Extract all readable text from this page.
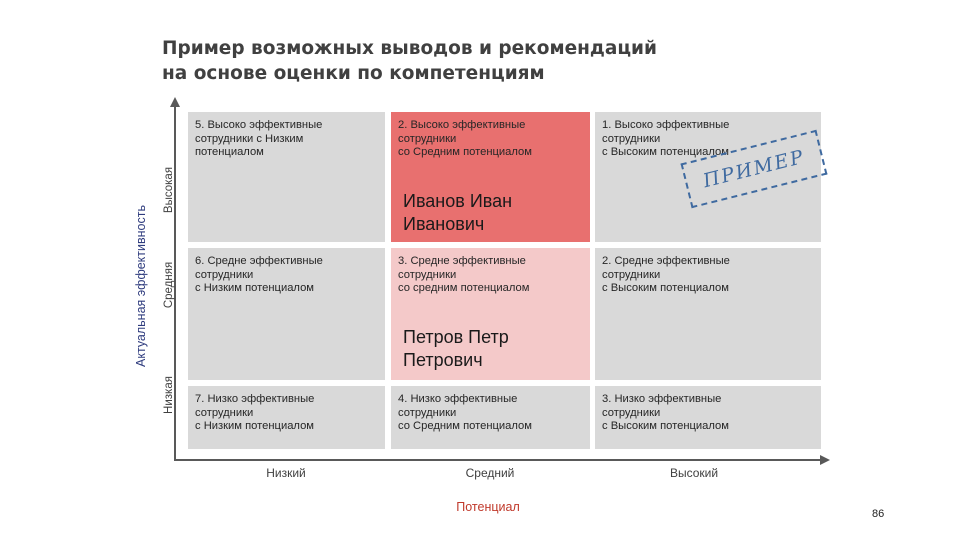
Пример возможных выводов и рекомендаций
на основе оценки по компетенциям
Актуальная эффективность
Высокая
Средняя
Низкая
5. Высоко эффективные
сотрудники с Низким
потенциалом
2. Высоко эффективные
сотрудники
со Средним потенциалом
Иванов Иван
Иванович
1. Высоко эффективные
сотрудники
с Высоким потенциалом
6. Средне эффективные
сотрудники
с Низким потенциалом
3. Средне эффективные
сотрудники
со средним потенциалом
Петров Петр
Петрович
2. Средне эффективные
сотрудники
с Высоким потенциалом
7. Низко эффективные
сотрудники
с Низким потенциалом
4. Низко эффективные
сотрудники
со Средним потенциалом
3. Низко эффективные
сотрудники
с Высоким потенциалом
ПРИМЕР
Низкий	Средний	Высокий
Потенциал	86
